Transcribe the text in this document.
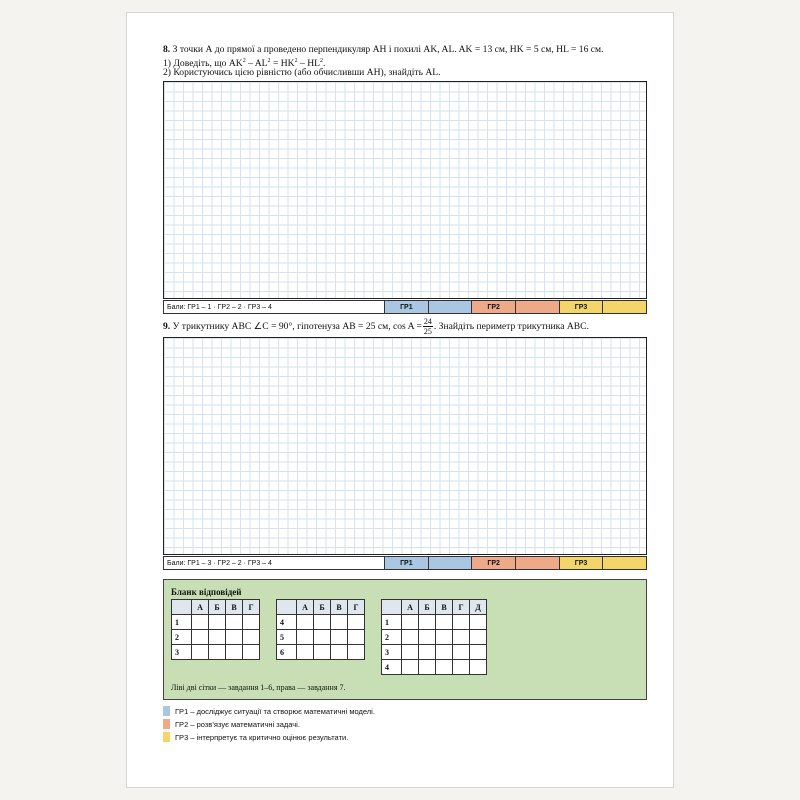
8. З точки А до прямої a проведено перпендикуляр AH і похилі AK, AL. AK = 13 см, HK = 5 см, HL = 16 см.
1) Доведіть, що $AK^2 - AL^2 = HK^2 - HL^2$.
2) Користуючись цією рівністю (або обчисливши AH), знайдіть AL.
Бали: ГР1 – 1 · ГР2 – 2 · ГР3 – 4	ГР1	ГР2	ГР3
9.
У трикутнику ABC ∠C = 90°, гіпотенуза AB = 25 см, $\cos A = \frac{24}{25}$ . Знайдіть периметр трикутника ABC.
Бали: ГР1 – 3 · ГР2 – 2 · ГР3 – 4	ГР1	ГР2	ГР3
Бланк відповідей
	А	Б	В	Г
1				
2				
3				
	А	Б	В	Г
4				
5				
6				
	А	Б	В	Г	Д
1					
2					
3					
4					
Ліві дві сітки — завдання 1–6, права — завдання 7.
ГР1 – досліджує ситуації та створює математичні моделі.
ГР2 – розв’язує математичні задачі.
ГР3 – інтерпретує та критично оцінює результати.
